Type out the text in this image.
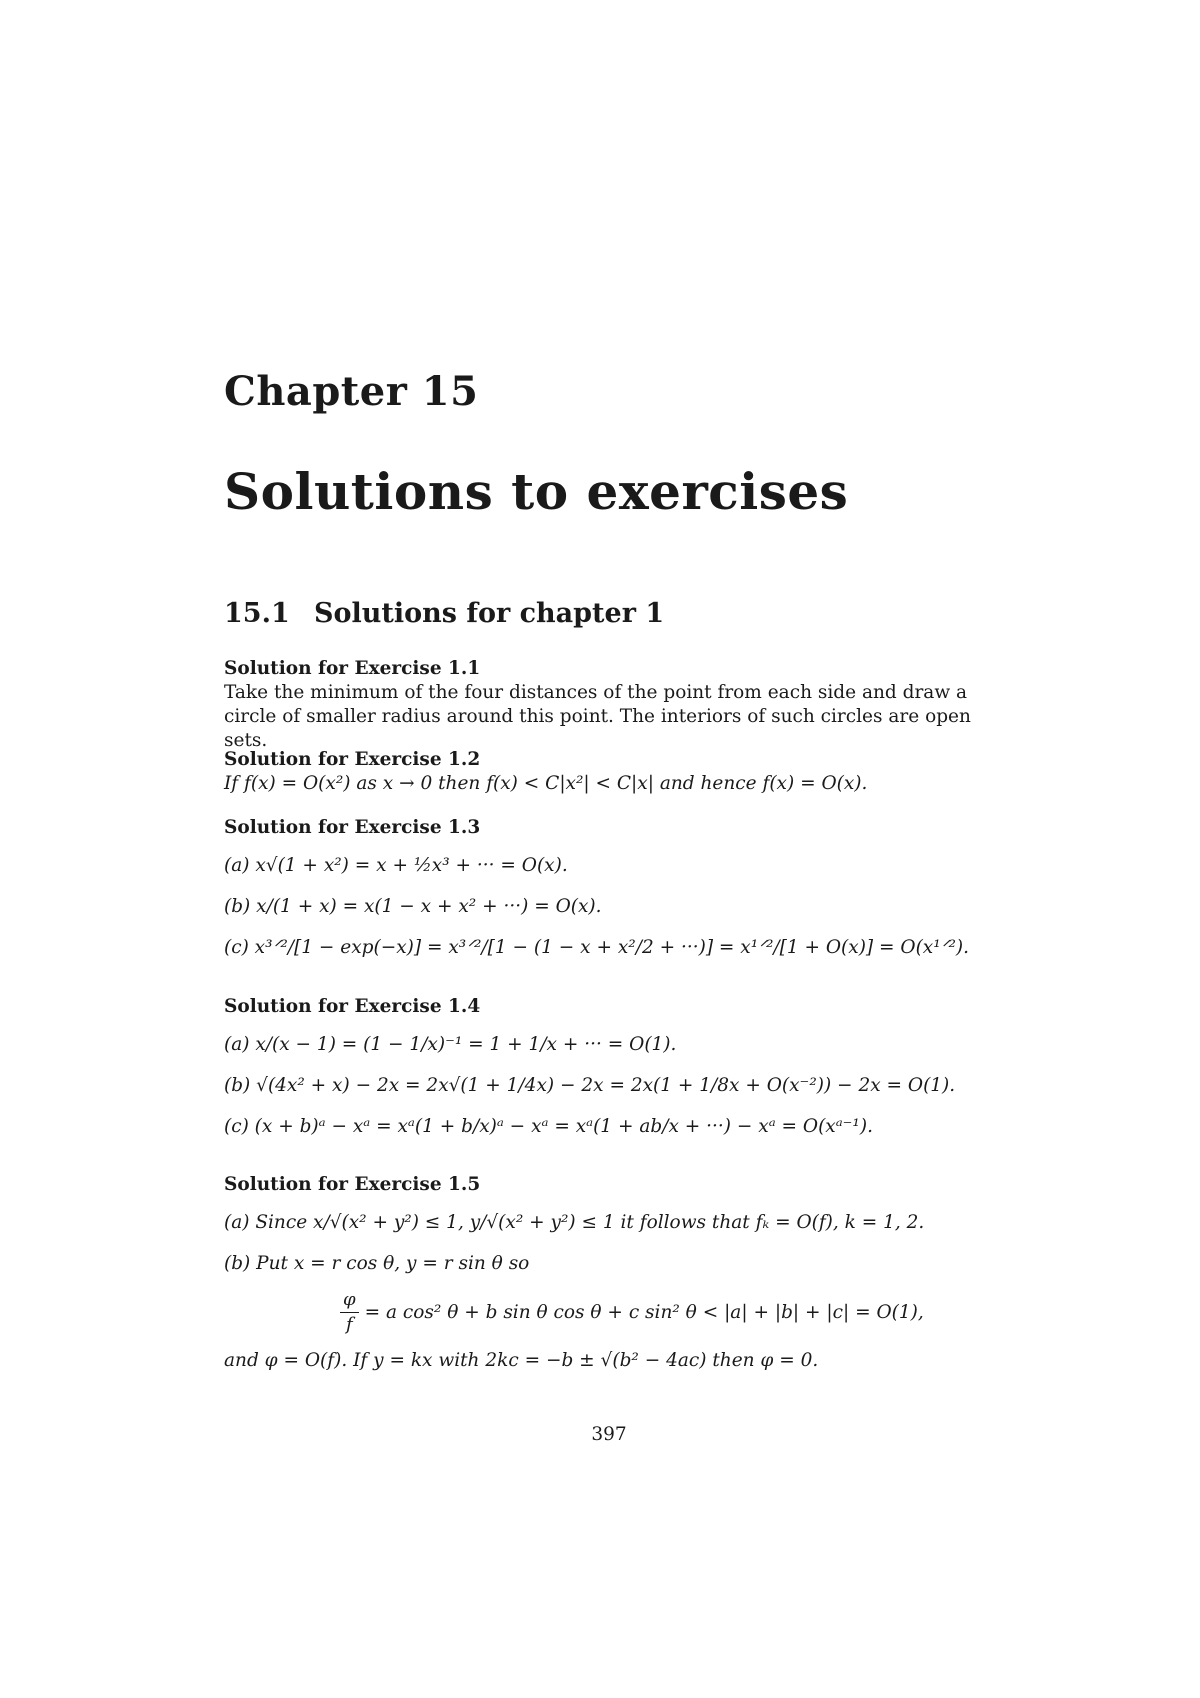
Chapter 15
Solutions to exercises
15.1 Solutions for chapter 1
Solution for Exercise 1.1
Take the minimum of the four distances of the point from each side and draw a circle of smaller radius around this point. The interiors of such circles are open sets.
Solution for Exercise 1.2
If f(x) = O(x²) as x → 0 then f(x) < C|x²| < C|x| and hence f(x) = O(x).
Solution for Exercise 1.3
(a) x√(1 + x²) = x + ½x³ + ··· = O(x).
(b) x/(1 + x) = x(1 − x + x² + ···) = O(x).
(c) x³ᐟ²/[1 − exp(−x)] = x³ᐟ²/[1 − (1 − x + x²/2 + ···)] = x¹ᐟ²/[1 + O(x)] = O(x¹ᐟ²).
Solution for Exercise 1.4
(a) x/(x − 1) = (1 − 1/x)⁻¹ = 1 + 1/x + ··· = O(1).
(b) √(4x² + x) − 2x = 2x√(1 + 1/4x) − 2x = 2x(1 + 1/8x + O(x⁻²)) − 2x = O(1).
(c) (x + b)ᵃ − xᵃ = xᵃ(1 + b/x)ᵃ − xᵃ = xᵃ(1 + ab/x + ···) − xᵃ = O(xᵃ⁻¹).
Solution for Exercise 1.5
(a) Since x/√(x² + y²) ≤ 1, y/√(x² + y²) ≤ 1 it follows that fₖ = O(f), k = 1, 2.
(b) Put x = r cos θ, y = r sin θ so
$\frac{\varphi}{f} = a$ cos² θ + b sin θ cos θ + c sin² θ < |a| + |b| + |c| = O(1),
and φ = O(f). If y = kx with 2kc = −b ± √(b² − 4ac) then φ = 0.
397
